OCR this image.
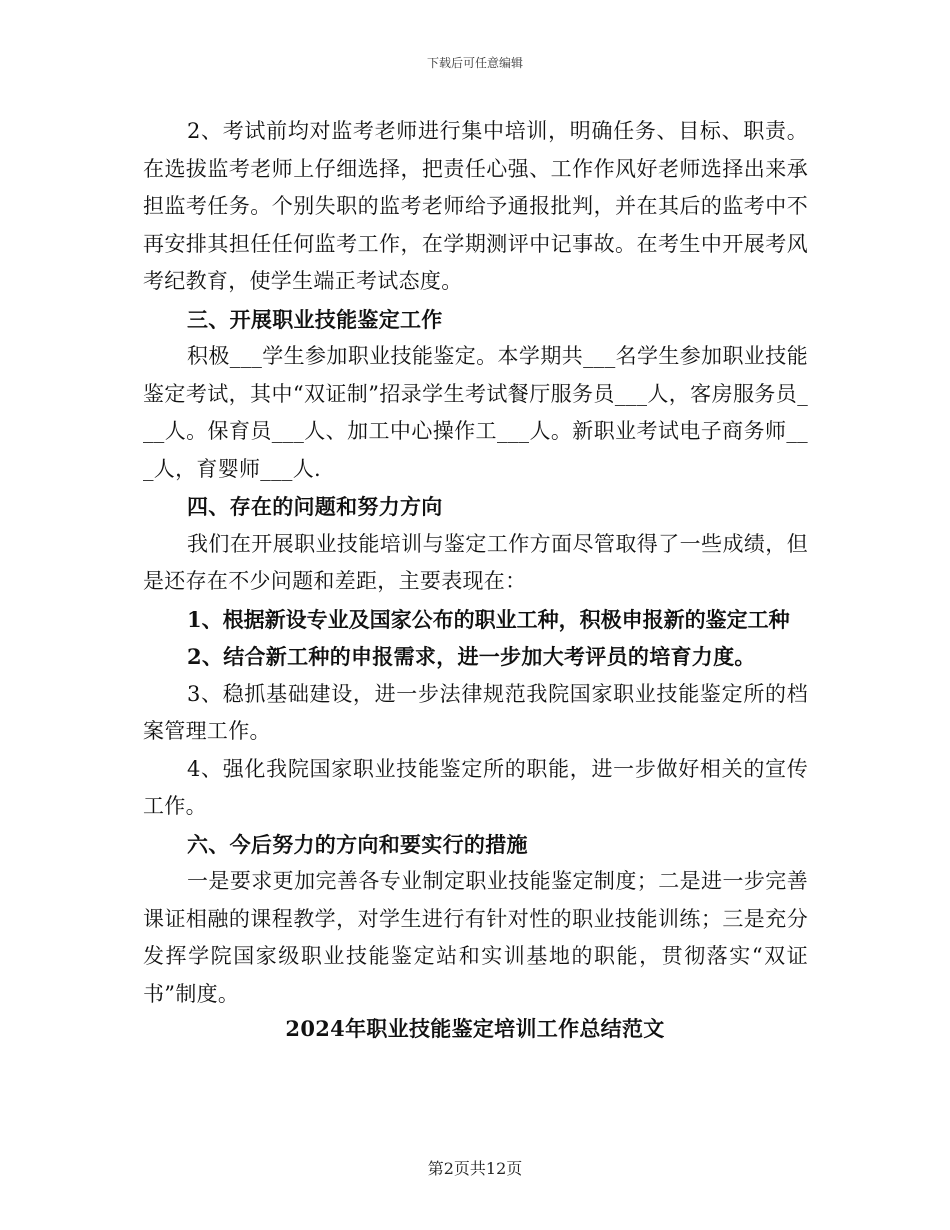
下载后可任意编辑

2、考试前均对监考老师进行集中培训，明确任务、目标、职责。在选拔监考老师上仔细选择，把责任心强、工作作风好老师选择出来承担监考任务。个别失职的监考老师给予通报批判，并在其后的监考中不再安排其担任任何监考工作，在学期测评中记事故。在考生中开展考风考纪教育，使学生端正考试态度。

三、开展职业技能鉴定工作

积极___学生参加职业技能鉴定。本学期共___名学生参加职业技能鉴定考试，其中“双证制”招录学生考试餐厅服务员___人，客房服务员___人。保育员___人、加工中心操作工___人。新职业考试电子商务师___人，育婴师___人.

四、存在的问题和努力方向

我们在开展职业技能培训与鉴定工作方面尽管取得了一些成绩，但是还存在不少问题和差距，主要表现在：

1、根据新设专业及国家公布的职业工种，积极申报新的鉴定工种

2、结合新工种的申报需求，进一步加大考评员的培育力度。

3、稳抓基础建设，进一步法律规范我院国家职业技能鉴定所的档案管理工作。

4、强化我院国家职业技能鉴定所的职能，进一步做好相关的宣传工作。

六、今后努力的方向和要实行的措施

一是要求更加完善各专业制定职业技能鉴定制度；二是进一步完善课证相融的课程教学，对学生进行有针对性的职业技能训练；三是充分发挥学院国家级职业技能鉴定站和实训基地的职能，贯彻落实“双证书”制度。

2024年职业技能鉴定培训工作总结范文
第2页共12页
